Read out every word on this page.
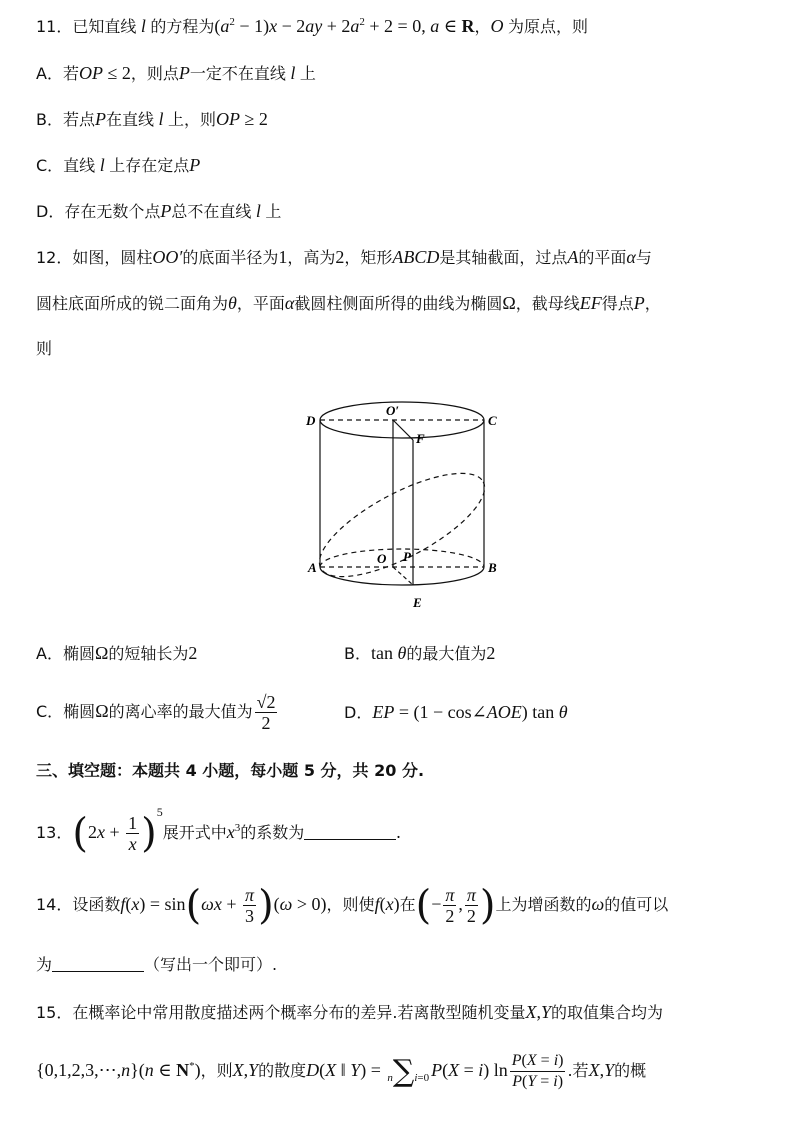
11．已知直线 l 的方程为$(a^2 - 1)x - 2ay + 2a^2 + 2 = 0$, a ∈ R，O 为原点，则
A．若OP ≤ 2，则点P一定不在直线 l 上
B．若点P在直线 l 上，则OP ≥ 2
C．直线 l 上存在定点P
D．存在无数个点P总不在直线 l 上
12．如图，圆柱OO′的底面半径为1，高为2，矩形ABCD是其轴截面，过点A的平面α与
圆柱底面所成的锐二面角为θ，平面α截圆柱侧面所得的曲线为椭圆Ω，截母线EF得点P，
则
D	C
O′
F
A	B
O P
E
A．椭圆Ω的短轴长为2	B．tan θ的最大值为2
C．椭圆Ω的离心率的最大值为 $\frac{√2}{2}$	D．EP = (1 − cos∠AOE) tan θ
三、填空题：本题共 4 小题，每小题 5 分，共 20 分.
13．$(2x + \frac{1}{x} )^5$展开式中$x^3$的系数为	.
14．设函数$f(x) = \sin(\omega x + \frac{\pi}{3} )(\omega > 0)$，则使f(x)在(− $\frac{\pi}{2}$ , $\frac{\pi}{2}$ )上为增函数的ω的值可以
为	（写出一个即可）.
15．在概率论中常用散度描述两个概率分布的差异.若离散型随机变量X,Y的取值集合均为
{0,1,2,3,⋯,n}(n ∈ N*)，则X,Y的散度D(X ‖ Y) = n∑i=0 P(X = i) $\ln \frac{P(X = i)}{P(Y = i)}$ .若X,Y的概
